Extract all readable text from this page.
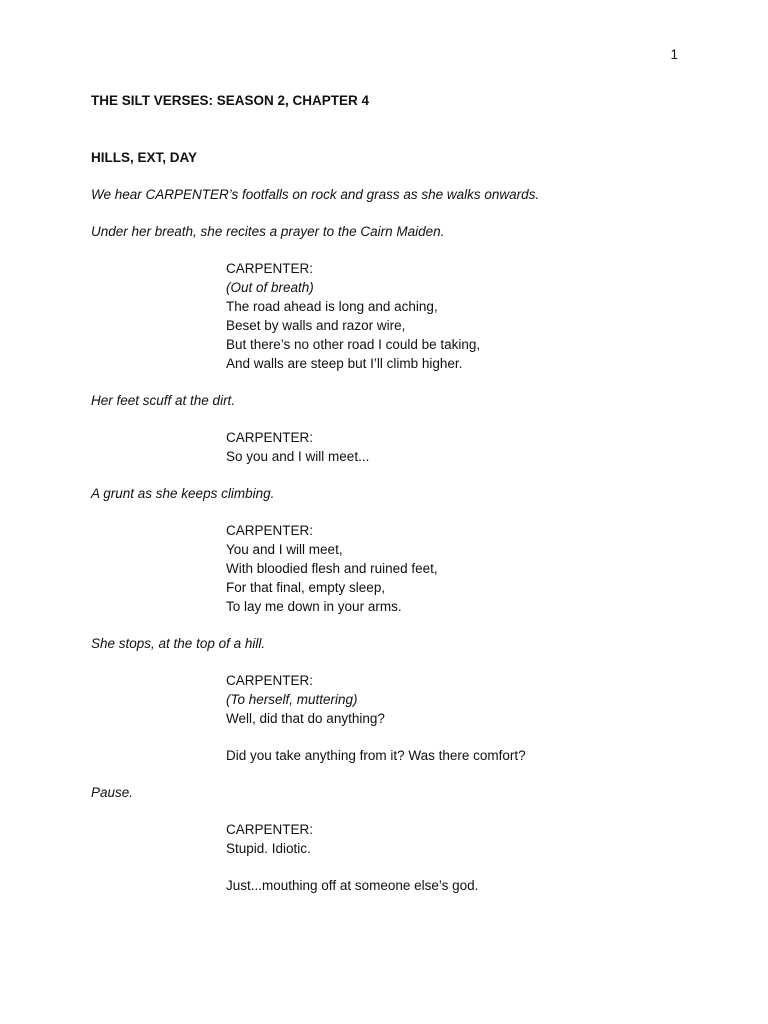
1

THE SILT VERSES: SEASON 2, CHAPTER 4

HILLS, EXT, DAY

We hear CARPENTER’s footfalls on rock and grass as she walks onwards.

Under her breath, she recites a prayer to the Cairn Maiden.

CARPENTER:

(Out of breath)

The road ahead is long and aching,

Beset by walls and razor wire,

But there’s no other road I could be taking,

And walls are steep but I’ll climb higher.

Her feet scuff at the dirt.

CARPENTER:

So you and I will meet...

A grunt as she keeps climbing.

CARPENTER:

You and I will meet,

With bloodied flesh and ruined feet,

For that final, empty sleep,

To lay me down in your arms.

She stops, at the top of a hill.

CARPENTER:

(To herself, muttering)

Well, did that do anything?

Did you take anything from it? Was there comfort?

Pause.

CARPENTER:

Stupid. Idiotic.

Just...mouthing off at someone else’s god.
